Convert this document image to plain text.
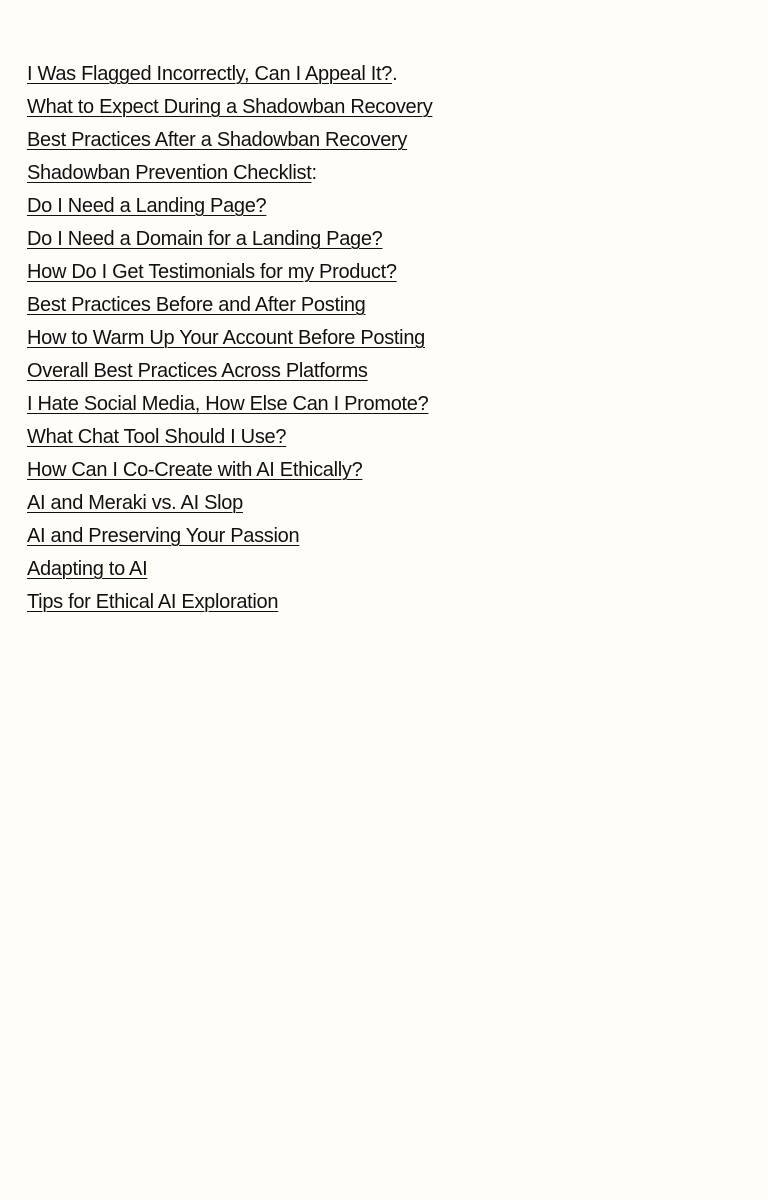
I Was Flagged Incorrectly, Can I Appeal It?.
What to Expect During a Shadowban Recovery
Best Practices After a Shadowban Recovery
Shadowban Prevention Checklist:
Do I Need a Landing Page?
Do I Need a Domain for a Landing Page?
How Do I Get Testimonials for my Product?
Best Practices Before and After Posting
How to Warm Up Your Account Before Posting
Overall Best Practices Across Platforms
I Hate Social Media, How Else Can I Promote?
What Chat Tool Should I Use?
How Can I Co-Create with AI Ethically?
AI and Meraki vs. AI Slop
AI and Preserving Your Passion
Adapting to AI
Tips for Ethical AI Exploration
